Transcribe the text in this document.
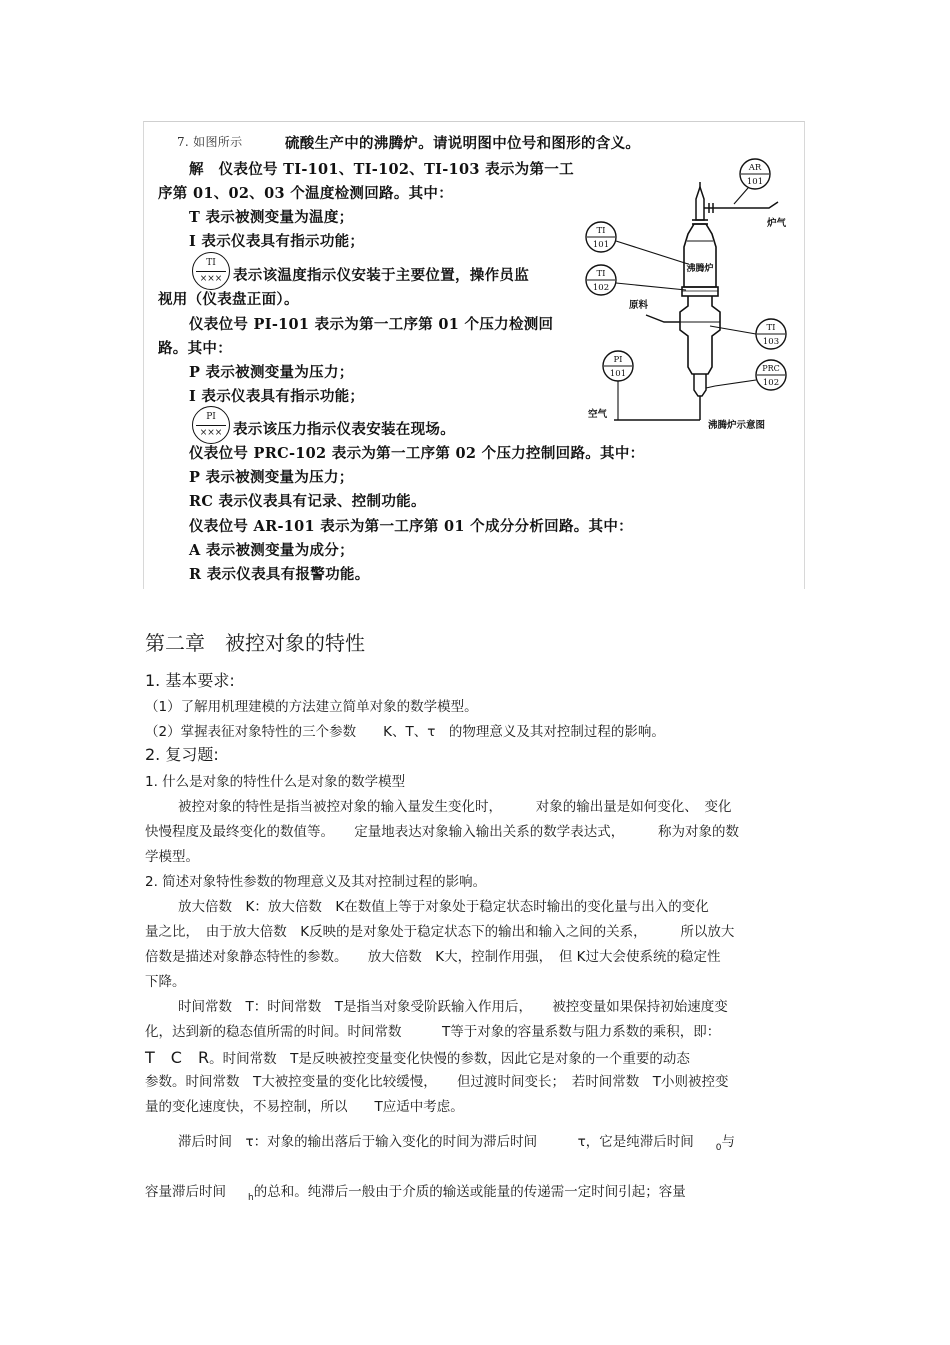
7. 如图所示	硫酸生产中的沸腾炉。请说明图中位号和图形的含义。
解　仪表位号 TI-101、TI-102、TI-103 表示为第一工
序第 01、02、03 个温度检测回路。其中：
T 表示被测变量为温度；
I 表示仪表具有指示功能；
TI
××× 表示该温度指示仪安装于主要位置，操作员监
视用（仪表盘正面）。
仪表位号 PI-101 表示为第一工序第 01 个压力检测回
路。其中：
P 表示被测变量为压力；
I 表示仪表具有指示功能；
PI
××× 表示该压力指示仪表安装在现场。
仪表位号 PRC-102 表示为第一工序第 02 个压力控制回路。其中：
P 表示被测变量为压力；
RC 表示仪表具有记录、控制功能。
仪表位号 AR-101 表示为第一工序第 01 个成分分析回路。其中：
A 表示被测变量为成分；
R 表示仪表具有报警功能。
AR
101
炉气
沸腾炉
空气
原料
TI
101
TI
102
TI
103
PI
101
PRC
102
沸腾炉示意图
第二章　被控对象的特性
1. 基本要求:
（1）了解用机理建模的方法建立简单对象的数学模型。
（2）掌握表征对象特性的三个参数　　K、T、τ　的物理意义及其对控制过程的影响。
2. 复习题:
1. 什么是对象的特性什么是对象的数学模型
被控对象的特性是指当被控对象的输入量发生变化时，　　　对象的输出量是如何变化、　变化
快慢程度及最终变化的数值等。　　定量地表达对象输入输出关系的数学表达式，　　　称为对象的数
学模型。
2. 简述对象特性参数的物理意义及其对控制过程的影响。
放大倍数　K：放大倍数　K在数值上等于对象处于稳定状态时输出的变化量与出入的变化
量之比，　由于放大倍数　K反映的是对象处于稳定状态下的输出和输入之间的关系，　　　所以放大
倍数是描述对象静态特性的参数。　　放大倍数　K大，控制作用强，　但 K过大会使系统的稳定性
下降。
时间常数　T：时间常数　T是指当对象受阶跃输入作用后，　　被控变量如果保持初始速度变
化，达到新的稳态值所需的时间。时间常数　　　T等于对象的容量系数与阻力系数的乘积，即：
T　C　R。时间常数　T是反映被控变量变化快慢的参数，因此它是对象的一个重要的动态
参数。时间常数　T大被控变量的变化比较缓慢，　　但过渡时间变长；　若时间常数　T小则被控变
量的变化速度快，不易控制，所以　　T应适中考虑。
滞后时间　τ：对象的输出落后于输入变化的时间为滞后时间　　　τ，它是纯滞后时间 $_0$与
容量滞后时间 $_h$的总和。纯滞后一般由于介质的输送或能量的传递需一定时间引起；容量
